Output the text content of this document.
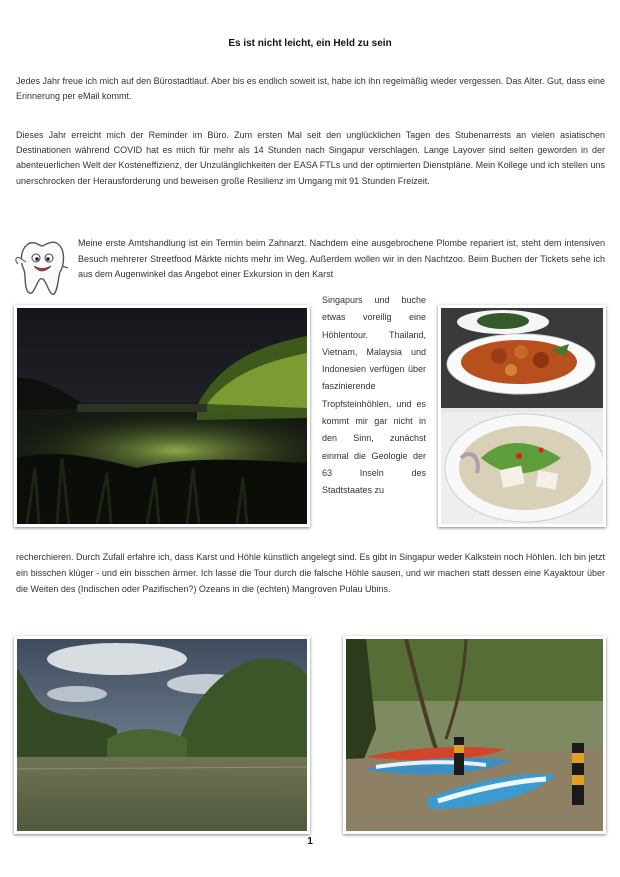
Es ist nicht leicht, ein Held zu sein

Jedes Jahr freue ich mich auf den Bürostadtlauf. Aber bis es endlich soweit ist, habe ich ihn regelmäßig wieder vergessen. Das Alter. Gut, dass eine Erinnerung per eMail kommt.

Dieses Jahr erreicht mich der Reminder im Büro. Zum ersten Mal seit den unglücklichen Tagen des Stubenarrests an vielen asiatischen Destinationen während COVID hat es mich für mehr als 14 Stunden nach Singapur verschlagen. Lange Layover sind selten geworden in der abenteuerlichen Welt der Kosteneffizienz, der Unzulänglichkeiten der EASA FTLs und der optimierten Dienstpläne. Mein Kollege und ich stellen uns unerschrocken der Herausforderung und beweisen große Resilienz im Umgang mit 91 Stunden Freizeit.

Meine erste Amtshandlung ist ein Termin beim Zahnarzt. Nachdem eine ausgebrochene Plombe repariert ist, steht dem intensiven Besuch mehrerer Streetfood Märkte nichts mehr im Weg. Außerdem wollen wir in den Nachtzoo. Beim Buchen der Tickets sehe ich aus dem Augenwinkel das Angebot einer Exkursion in den Karst

Singapurs und buche etwas voreilig eine Höhlentour. Thailand, Vietnam, Malaysia und Indonesien verfügen über faszinierende Tropfsteinhöhlen, und es kommt mir gar nicht in den Sinn, zunächst einmal die Geologie der 63 Inseln des Stadtstaates zu

recherchieren. Durch Zufall erfahre ich, dass Karst und Höhle künstlich angelegt sind. Es gibt in Singapur weder Kalkstein noch Höhlen. Ich bin jetzt ein bisschen klüger - und ein bisschen ärmer. Ich lasse die Tour durch die falsche Höhle sausen, und wir machen statt dessen eine Kayaktour über die Weiten des (Indischen oder Pazifischen?) Ozeans in die (echten) Mangroven Pulau Ubins.

1
